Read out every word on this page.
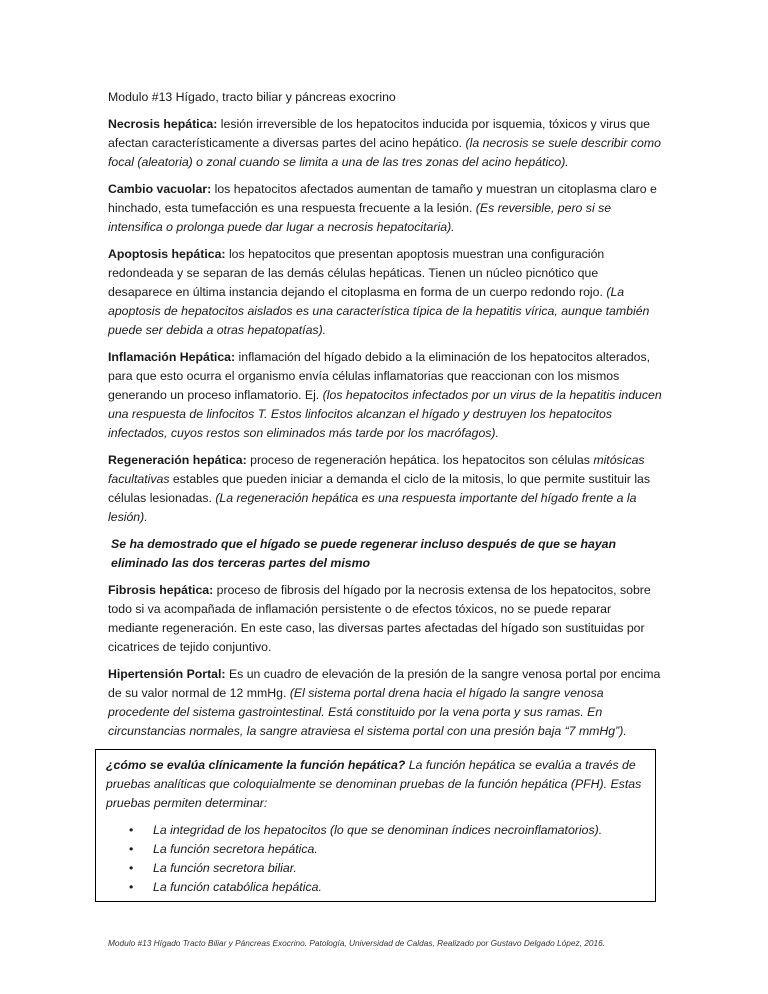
Modulo #13 Hígado, tracto biliar y páncreas exocrino

Necrosis hepática: lesión irreversible de los hepatocitos inducida por isquemia, tóxicos y virus que afectan característicamente a diversas partes del acino hepático. (la necrosis se suele describir como focal (aleatoria) o zonal cuando se limita a una de las tres zonas del acino hepático).

Cambio vacuolar: los hepatocitos afectados aumentan de tamaño y muestran un citoplasma claro e hinchado, esta tumefacción es una respuesta frecuente a la lesión. (Es reversible, pero si se intensifica o prolonga puede dar lugar a necrosis hepatocitaria).

Apoptosis hepática: los hepatocitos que presentan apoptosis muestran una configuración redondeada y se separan de las demás células hepáticas. Tienen un núcleo picnótico que desaparece en última instancia dejando el citoplasma en forma de un cuerpo redondo rojo. (La apoptosis de hepatocitos aislados es una característica típica de la hepatitis vírica, aunque también puede ser debida a otras hepatopatías).

Inflamación Hepática: inflamación del hígado debido a la eliminación de los hepatocitos alterados, para que esto ocurra el organismo envía células inflamatorias que reaccionan con los mismos generando un proceso inflamatorio. Ej. (los hepatocitos infectados por un virus de la hepatitis inducen una respuesta de linfocitos T. Estos linfocitos alcanzan el hígado y destruyen los hepatocitos infectados, cuyos restos son eliminados más tarde por los macrófagos).

Regeneración hepática: proceso de regeneración hepática. los hepatocitos son células mitósicas facultativas estables que pueden iniciar a demanda el ciclo de la mitosis, lo que permite sustituir las células lesionadas. (La regeneración hepática es una respuesta importante del hígado frente a la lesión).

Se ha demostrado que el hígado se puede regenerar incluso después de que se hayan eliminado las dos terceras partes del mismo

Fibrosis hepática: proceso de fibrosis del hígado por la necrosis extensa de los hepatocitos, sobre todo si va acompañada de inflamación persistente o de efectos tóxicos, no se puede reparar mediante regeneración. En este caso, las diversas partes afectadas del hígado son sustituidas por cicatrices de tejido conjuntivo.

Hipertensión Portal: Es un cuadro de elevación de la presión de la sangre venosa portal por encima de su valor normal de 12 mmHg. (El sistema portal drena hacia el hígado la sangre venosa procedente del sistema gastrointestinal. Está constituido por la vena porta y sus ramas. En circunstancias normales, la sangre atraviesa el sistema portal con una presión baja “7 mmHg”).

¿cómo se evalúa clínicamente la función hepática? La función hepática se evalúa a través de pruebas analíticas que coloquialmente se denominan pruebas de la función hepática (PFH). Estas pruebas permiten determinar:
• La integridad de los hepatocitos (lo que se denominan índices necroinflamatorios).
• La función secretora hepática.
• La función secretora biliar.
• La función catabólica hepática.
Modulo #13 Hígado Tracto Biliar y Páncreas Exocrino. Patología, Universidad de Caldas, Realizado por Gustavo Delgado López, 2016.
